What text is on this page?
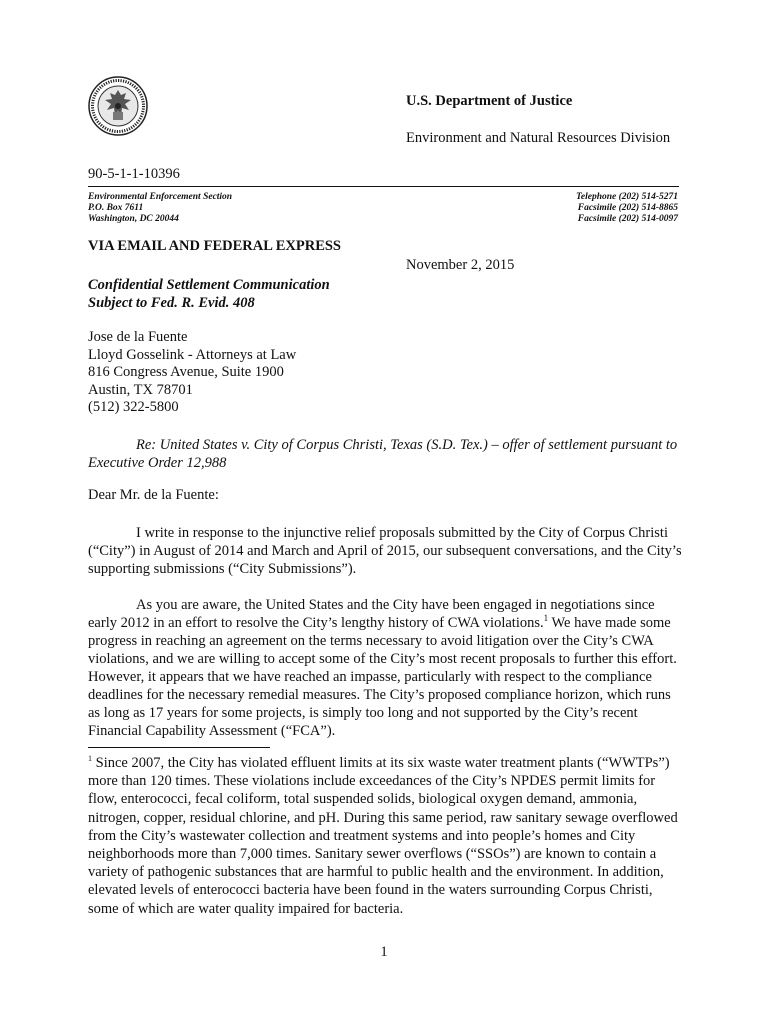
U.S. Department of Justice
Environment and Natural Resources Division
90-5-1-1-10396
Environmental Enforcement Section
P.O. Box 7611
Washington, DC 20044
Telephone (202) 514-5271
Facsimile (202) 514-8865
Facsimile (202) 514-0097
VIA EMAIL AND FEDERAL EXPRESS
November 2, 2015
Confidential Settlement Communication
Subject to Fed. R. Evid. 408
Jose de la Fuente
Lloyd Gosselink - Attorneys at Law
816 Congress Avenue, Suite 1900
Austin, TX 78701
(512) 322-5800
Re: United States v. City of Corpus Christi, Texas (S.D. Tex.) – offer of settlement pursuant to Executive Order 12,988
Dear Mr. de la Fuente:

I write in response to the injunctive relief proposals submitted by the City of Corpus Christi (“City”) in August of 2014 and March and April of 2015, our subsequent conversations, and the City’s supporting submissions (“City Submissions”).

As you are aware, the United States and the City have been engaged in negotiations since early 2012 in an effort to resolve the City’s lengthy history of CWA violations.$^1$ We have made some progress in reaching an agreement on the terms necessary to avoid litigation over the City’s CWA violations, and we are willing to accept some of the City’s most recent proposals to further this effort. However, it appears that we have reached an impasse, particularly with respect to the compliance deadlines for the necessary remedial measures. The City’s proposed compliance horizon, which runs as long as 17 years for some projects, is simply too long and not supported by the City’s recent Financial Capability Assessment (“FCA”).

$^1$ Since 2007, the City has violated effluent limits at its six waste water treatment plants (“WWTPs”) more than 120 times. These violations include exceedances of the City’s NPDES permit limits for flow, enterococci, fecal coliform, total suspended solids, biological oxygen demand, ammonia, nitrogen, copper, residual chlorine, and pH. During this same period, raw sanitary sewage overflowed from the City’s wastewater collection and treatment systems and into people’s homes and City neighborhoods more than 7,000 times. Sanitary sewer overflows (“SSOs”) are known to contain a variety of pathogenic substances that are harmful to public health and the environment. In addition, elevated levels of enterococci bacteria have been found in the waters surrounding Corpus Christi, some of which are water quality impaired for bacteria.

1
